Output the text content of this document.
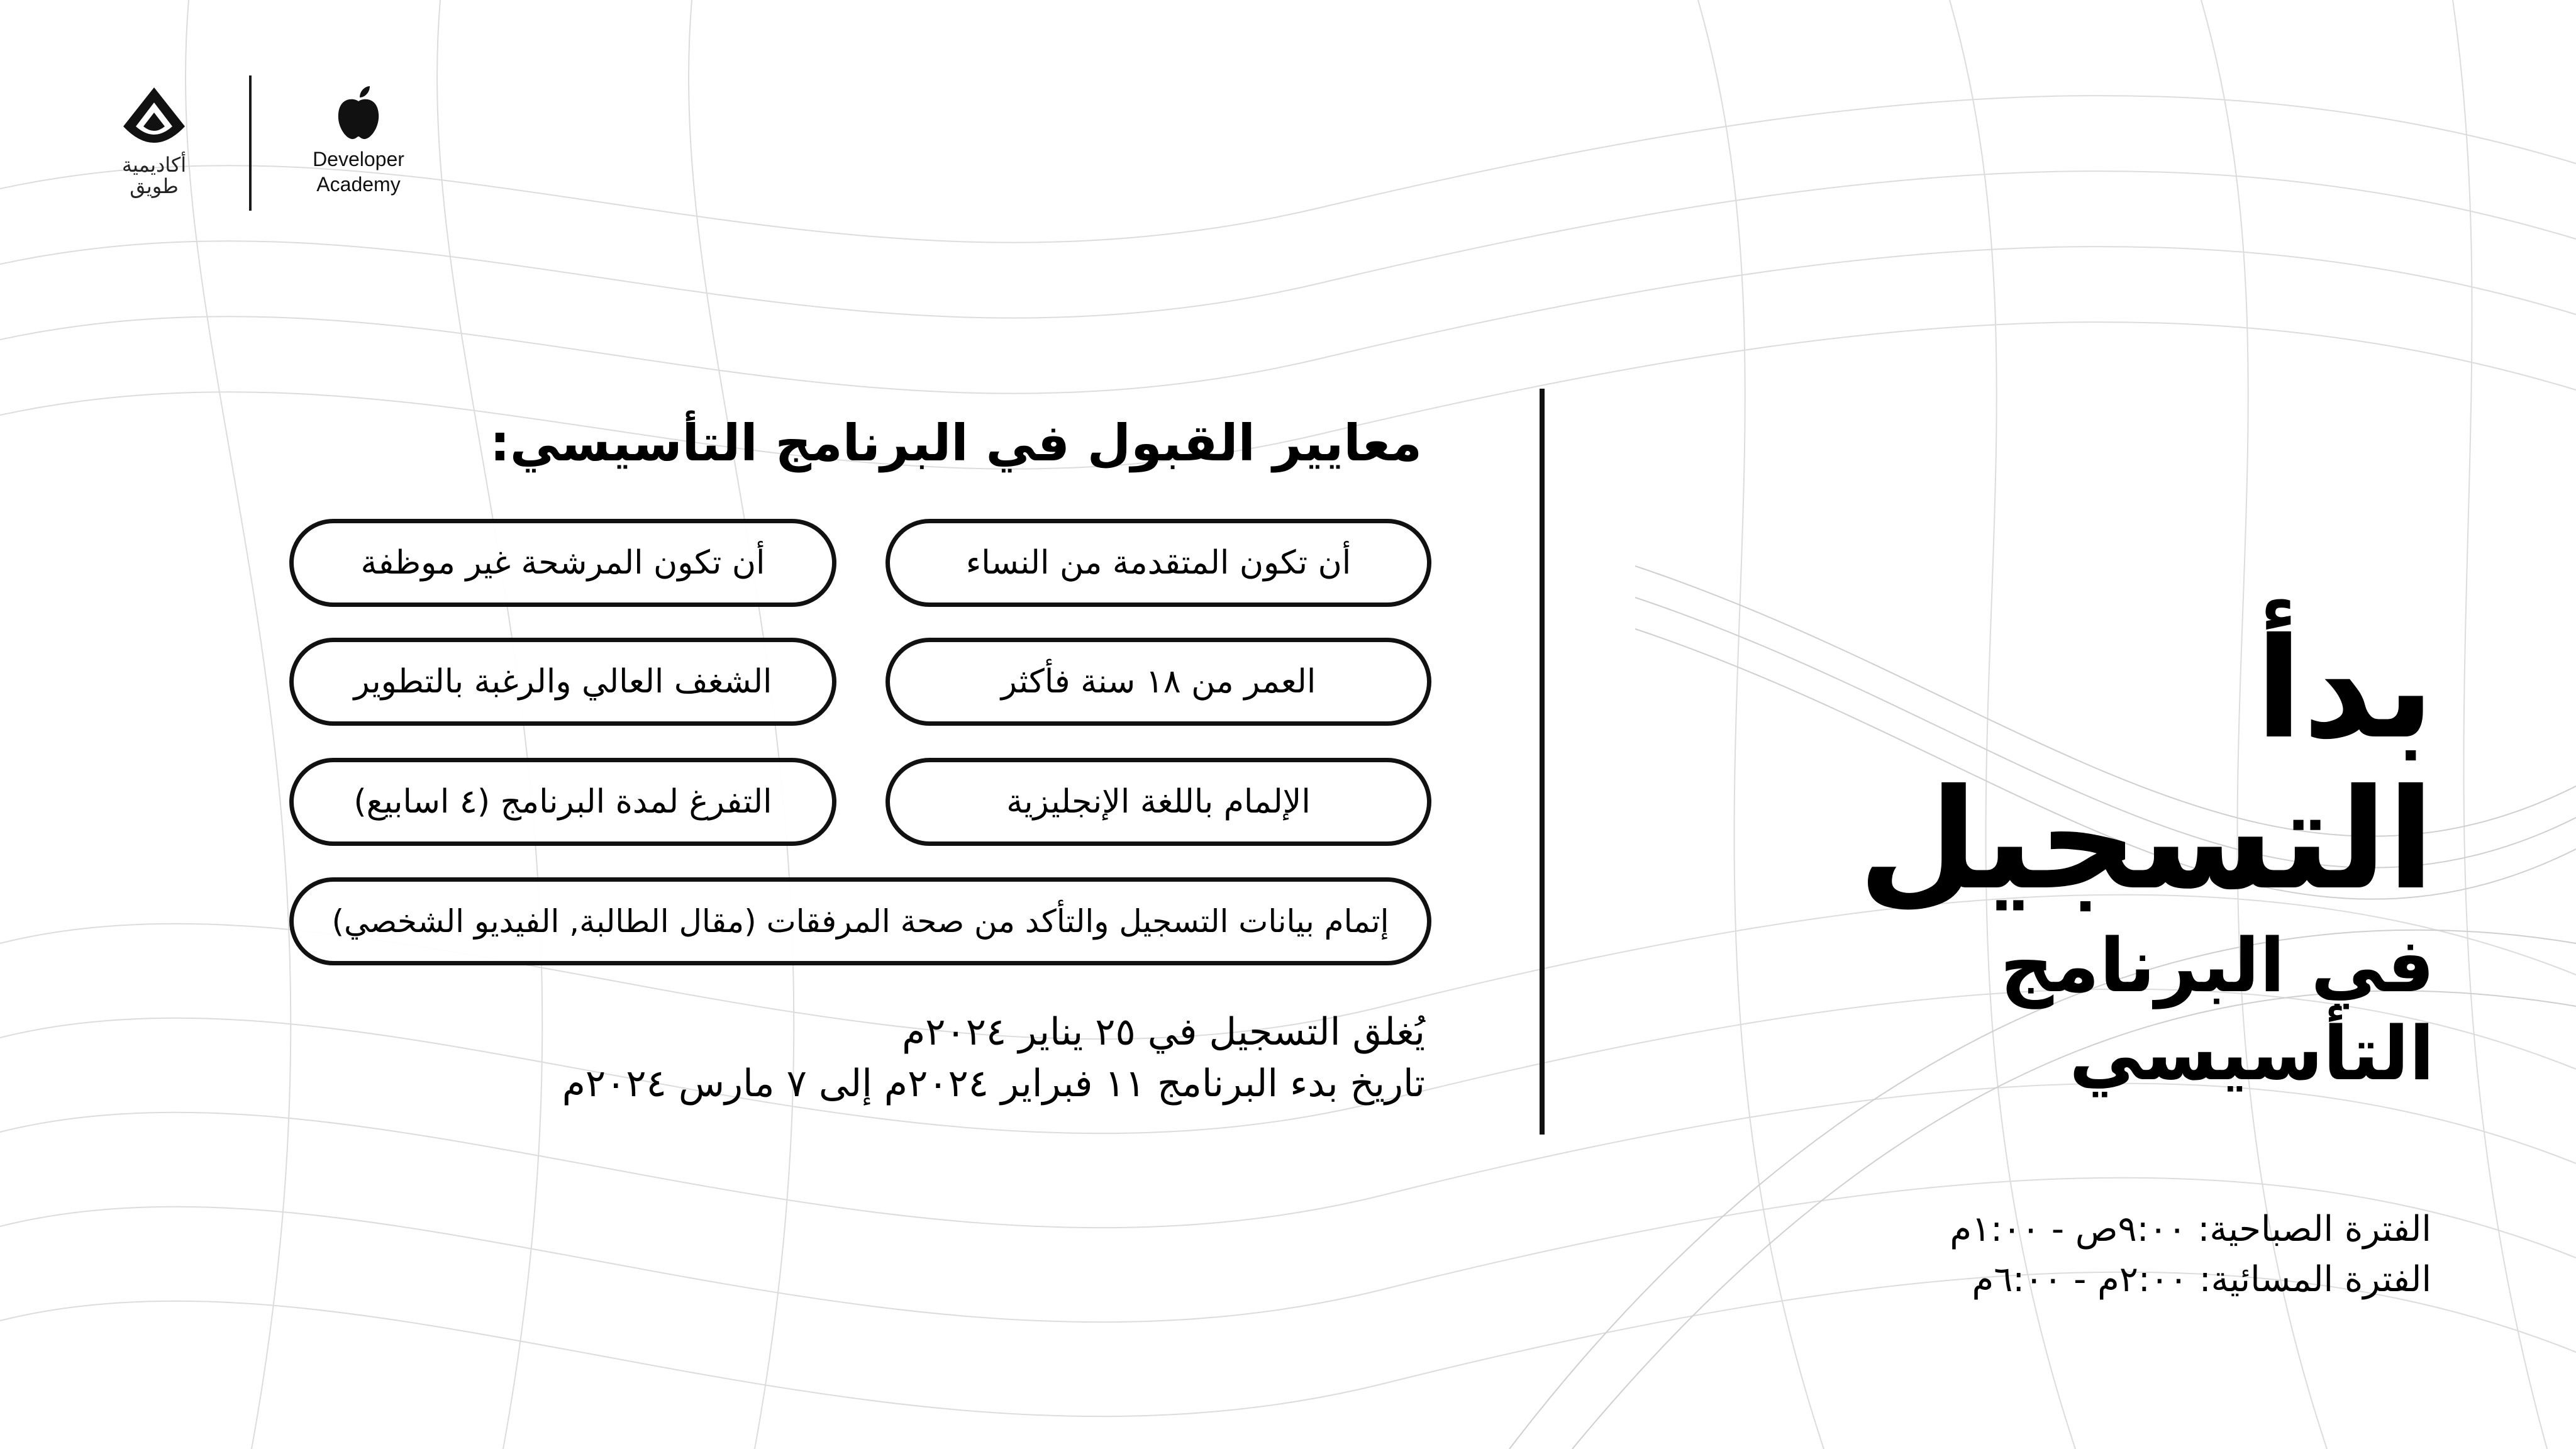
أكاديمية
طويق
Developer
Academy
بدأ التسجيل
في البرنامج التأسيسي
معايير القبول في البرنامج التأسيسي:
أن تكون المتقدمة من النساء
أن تكون المرشحة غير موظفة
العمر من ١٨ سنة فأكثر
الشغف العالي والرغبة بالتطوير
الإلمام باللغة الإنجليزية
التفرغ لمدة البرنامج (٤ اسابيع)
إتمام بيانات التسجيل والتأكد من صحة المرفقات (مقال الطالبة, الفيديو الشخصي)
يُغلق التسجيل في ٢٥ يناير ٢٠٢٤م
تاريخ بدء البرنامج ١١ فبراير ٢٠٢٤م إلى ٧ مارس ٢٠٢٤م
الفترة الصباحية: ٩:٠٠ص - ١:٠٠م
الفترة المسائية: ٢:٠٠م - ٦:٠٠م
